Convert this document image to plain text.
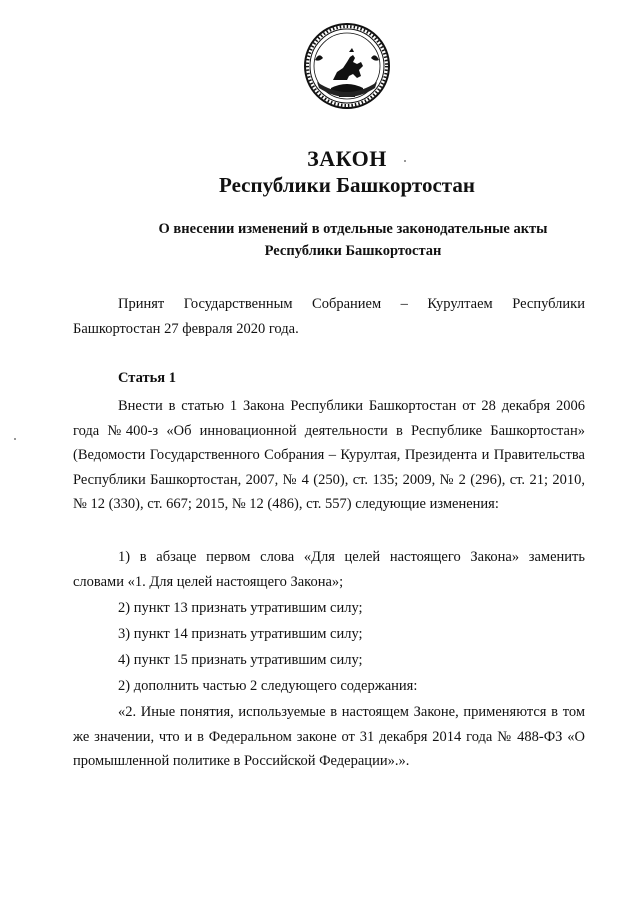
ЗАКОН
Республики Башкортостан
О внесении изменений в отдельные законодательные акты
Республики Башкортостан
Принят Государственным Собранием – Курултаем Республики Башкортостан 27 февраля 2020 года.
Статья 1
Внести в статью 1 Закона Республики Башкортостан от 28 декабря 2006 года №400-з «Об инновационной деятельности в Республике Башкортостан» (Ведомости Государственного Собрания – Курултая, Президента и Правительства Республики Башкортостан, 2007, № 4 (250), ст. 135; 2009, № 2 (296), ст. 21; 2010, № 12 (330), ст. 667; 2015, № 12 (486), ст. 557) следующие изменения:
1) в абзаце первом слова «Для целей настоящего Закона» заменить словами «1. Для целей настоящего Закона»;
2) пункт 13 признать утратившим силу;
3) пункт 14 признать утратившим силу;
4) пункт 15 признать утратившим силу;
2) дополнить частью 2 следующего содержания:
«2. Иные понятия, используемые в настоящем Законе, применяются в том же значении, что и в Федеральном законе от 31 декабря 2014 года № 488-ФЗ «О промышленной политике в Российской Федерации».».
